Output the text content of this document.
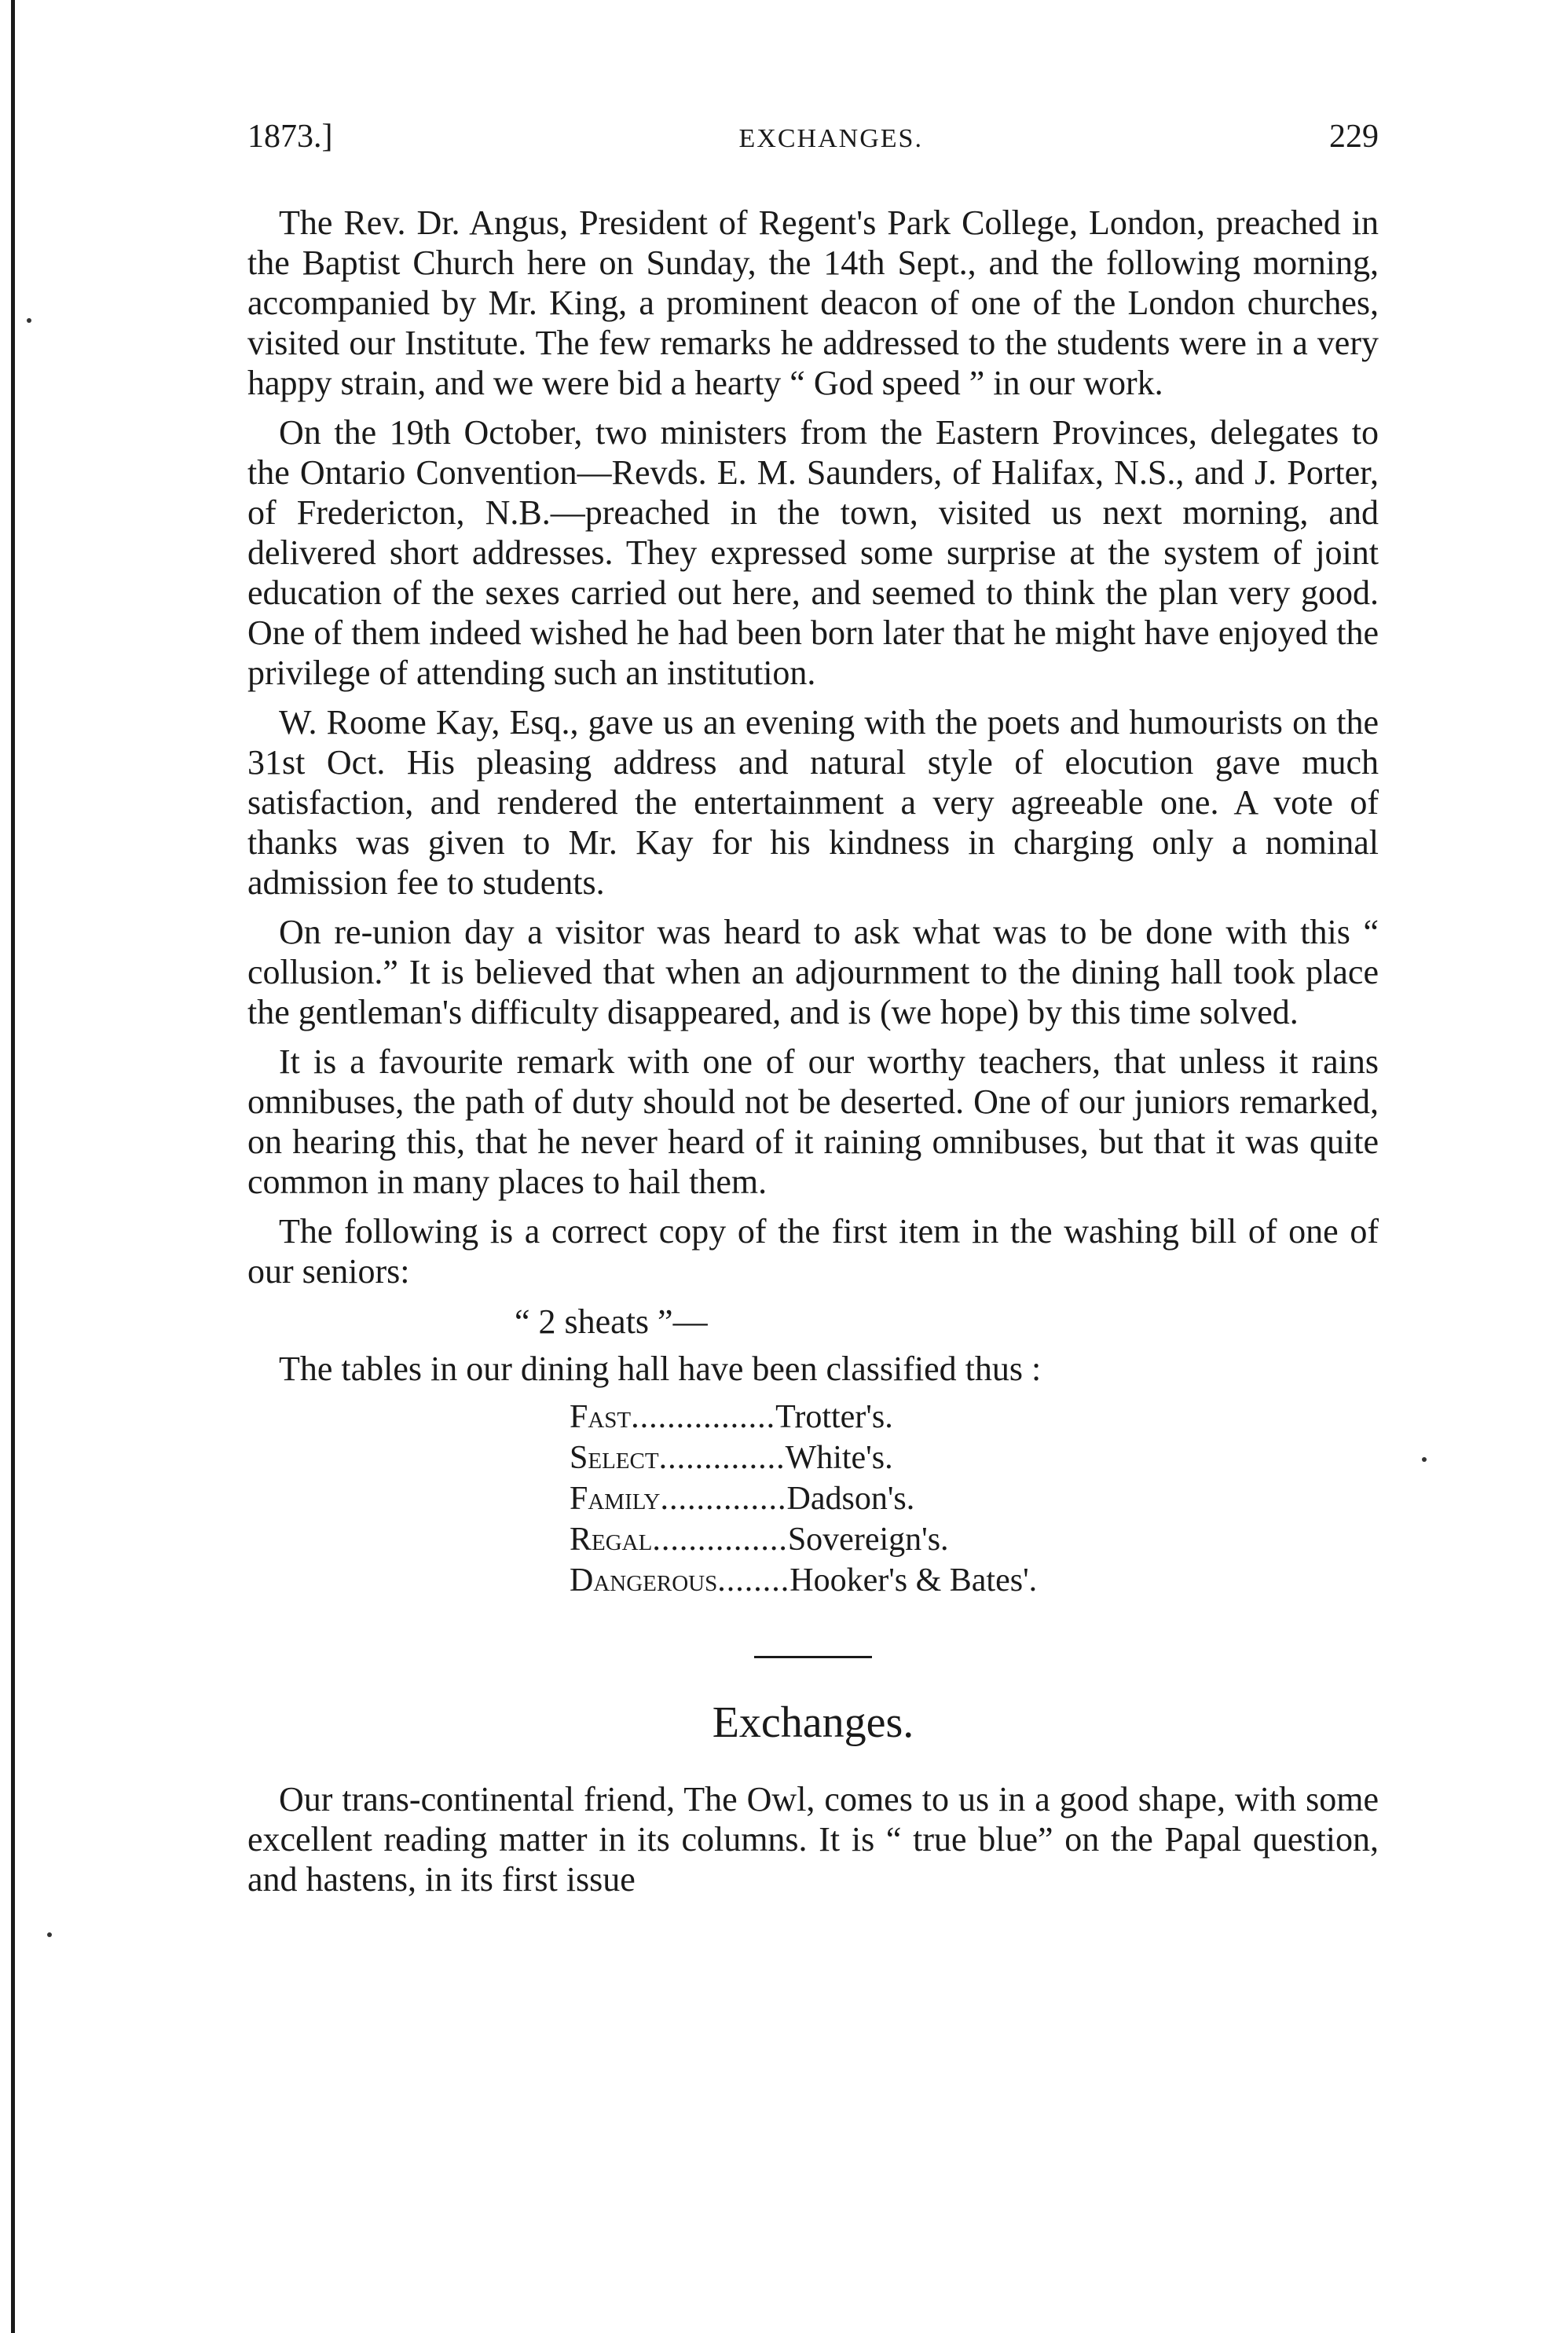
1873.]	EXCHANGES.	229

The Rev. Dr. Angus, President of Regent's Park College, London, preached in the Baptist Church here on Sunday, the 14th Sept., and the following morning, accompanied by Mr. King, a prominent deacon of one of the London churches, visited our Institute. The few remarks he addressed to the students were in a very happy strain, and we were bid a hearty “ God speed ” in our work.

On the 19th October, two ministers from the Eastern Provinces, delegates to the Ontario Convention—Revds. E. M. Saunders, of Halifax, N.S., and J. Porter, of Fredericton, N.B.—preached in the town, visited us next morning, and delivered short addresses. They expressed some surprise at the system of joint education of the sexes carried out here, and seemed to think the plan very good. One of them indeed wished he had been born later that he might have enjoyed the privilege of attending such an institution.

W. Roome Kay, Esq., gave us an evening with the poets and humourists on the 31st Oct. His pleasing address and natural style of elocution gave much satisfaction, and rendered the entertainment a very agreeable one. A vote of thanks was given to Mr. Kay for his kindness in charging only a nominal admission fee to students.

On re-union day a visitor was heard to ask what was to be done with this “ collusion.” It is believed that when an adjournment to the dining hall took place the gentleman's difficulty disappeared, and is (we hope) by this time solved.

It is a favourite remark with one of our worthy teachers, that unless it rains omnibuses, the path of duty should not be deserted. One of our juniors remarked, on hearing this, that he never heard of it raining omnibuses, but that it was quite common in many places to hail them.

The following is a correct copy of the first item in the washing bill of one of our seniors:

“ 2 sheats ”—

The tables in our dining hall have been classified thus :

Fast ................ Trotter's.
Select .............. White's.
Family .............. Dadson's.
Regal ............... Sovereign's.
Dangerous ........ Hooker's & Bates'.
Exchanges.

Our trans-continental friend, The Owl, comes to us in a good shape, with some excellent reading matter in its columns. It is “ true blue” on the Papal question, and hastens, in its first issue
